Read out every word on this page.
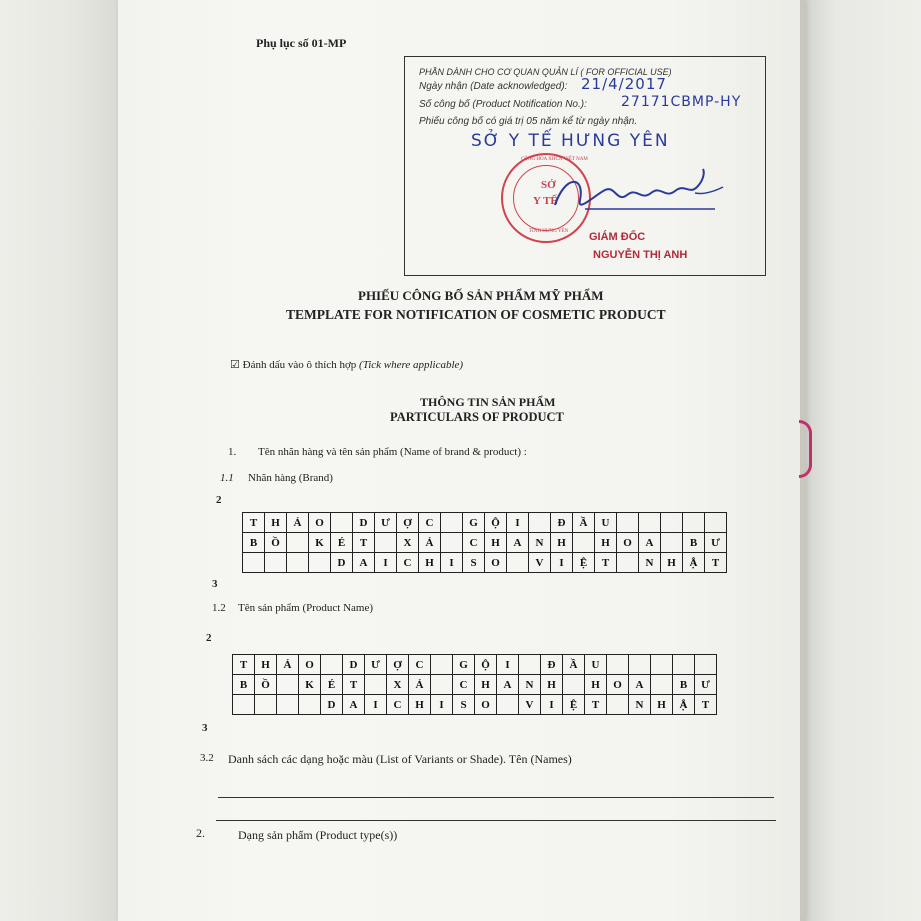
Phụ lục số 01-MP
PHẦN DÀNH CHO CƠ QUAN QUẢN LÍ ( FOR OFFICIAL USE)
Ngày nhận (Date acknowledged): 21/4/2017
Số công bố (Product Notification No.): 27171CBMP-HY
Phiếu công bố có giá trị 05 năm kể từ ngày nhận.
SỞ Y TẾ HƯNG YÊN
SỞ
Y TẾ
CỘNG HÒA XHCN VIỆT NAM
TỈNH HƯNG YÊN GIÁM ĐỐC
NGUYỄN THỊ ANH
PHIẾU CÔNG BỐ SẢN PHẨM MỸ PHẨM
TEMPLATE FOR NOTIFICATION OF COSMETIC PRODUCT
☑ Đánh dấu vào ô thích hợp (Tick where applicable)
THÔNG TIN SẢN PHẨM
PARTICULARS OF PRODUCT
1. Tên nhãn hàng và tên sản phẩm (Name of brand & product) :
1.1 Nhãn hàng (Brand)
2
T	H	Ả	O		D	Ư	Ợ	C		G	Ộ	I		Đ	Ầ	U					
B	Ồ		K	É	T		X	Ả		C	H	A	N	H		H	O	A		B	Ư
				D	A	I	C	H	I	S	O		V	I	Ệ	T		N	H	Ậ	T
3
1.2 Tên sản phẩm (Product Name)
2
T	H	Ả	O		D	Ư	Ợ	C		G	Ộ	I		Đ	Ầ	U					
B	Ồ		K	É	T		X	Ả		C	H	A	N	H		H	O	A		B	Ư
				D	A	I	C	H	I	S	O		V	I	Ệ	T		N	H	Ậ	T
3
3.2 Danh sách các dạng hoặc màu (List of Variants or Shade). Tên (Names)
2.	Dạng sản phẩm (Product type(s))
